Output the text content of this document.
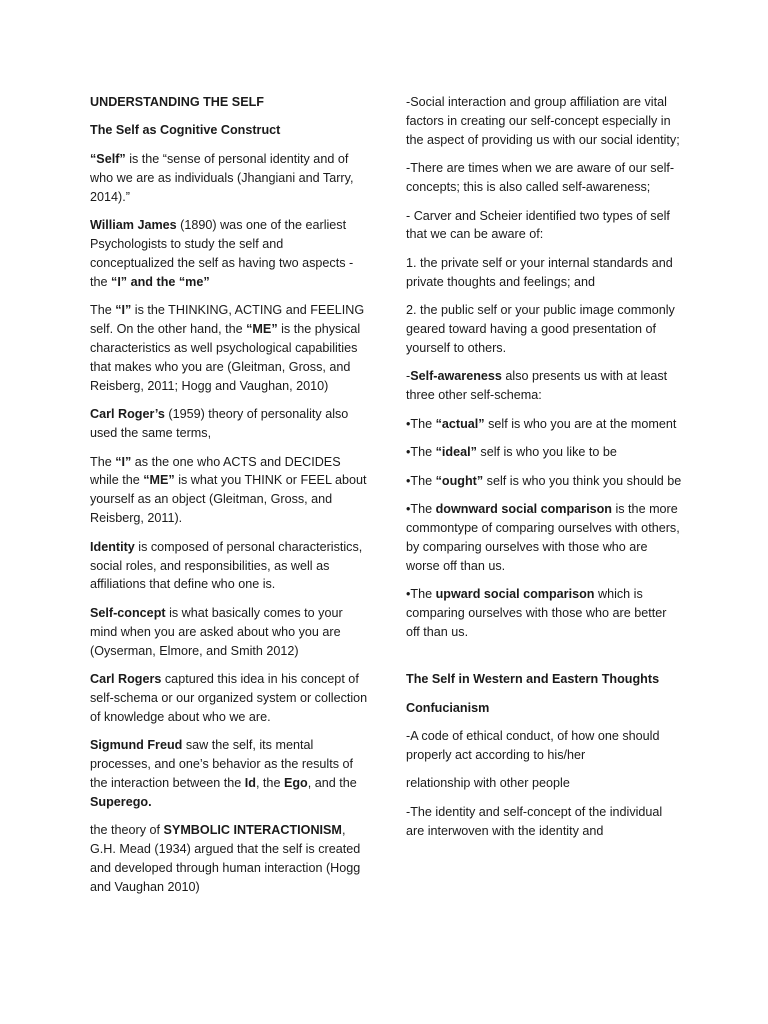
UNDERSTANDING THE SELF

The Self as Cognitive Construct

“Self” is the “sense of personal identity and of who we are as individuals (Jhangiani and Tarry, 2014).”

William James (1890) was one of the earliest Psychologists to study the self and conceptualized the self as having two aspects - the “I” and the “me”

The “I” is the THINKING, ACTING and FEELING self. On the other hand, the “ME” is the physical characteristics as well psychological capabilities that makes who you are (Gleitman, Gross, and Reisberg, 2011; Hogg and Vaughan, 2010)

Carl Roger’s (1959) theory of personality also used the same terms,

The “I” as the one who ACTS and DECIDES while the “ME” is what you THINK or FEEL about yourself as an object (Gleitman, Gross, and Reisberg, 2011).

Identity is composed of personal characteristics, social roles, and responsibilities, as well as affiliations that define who one is.

Self-concept is what basically comes to your mind when you are asked about who you are (Oyserman, Elmore, and Smith 2012)

Carl Rogers captured this idea in his concept of self-schema or our organized system or collection of knowledge about who we are.

Sigmund Freud saw the self, its mental processes, and one’s behavior as the results of the interaction between the Id, the Ego, and the Superego.

the theory of SYMBOLIC INTERACTIONISM, G.H. Mead (1934) argued that the self is created and developed through human interaction (Hogg and Vaughan 2010)

-Social interaction and group affiliation are vital factors in creating our self-concept especially in the aspect of providing us with our social identity;

-There are times when we are aware of our self-concepts; this is also called self-awareness;

- Carver and Scheier identified two types of self that we can be aware of:

1. the private self or your internal standards and private thoughts and feelings; and

2. the public self or your public image commonly geared toward having a good presentation of yourself to others.

-Self-awareness also presents us with at least three other self-schema:

•The “actual” self is who you are at the moment

•The “ideal” self is who you like to be

•The “ought” self is who you think you should be

•The downward social comparison is the more commontype of comparing ourselves with others, by comparing ourselves with those who are worse off than us.

•The upward social comparison which is comparing ourselves with those who are better off than us.

The Self in Western and Eastern Thoughts

Confucianism

-A code of ethical conduct, of how one should properly act according to his/her

relationship with other people

-The identity and self-concept of the individual are interwoven with the identity and
